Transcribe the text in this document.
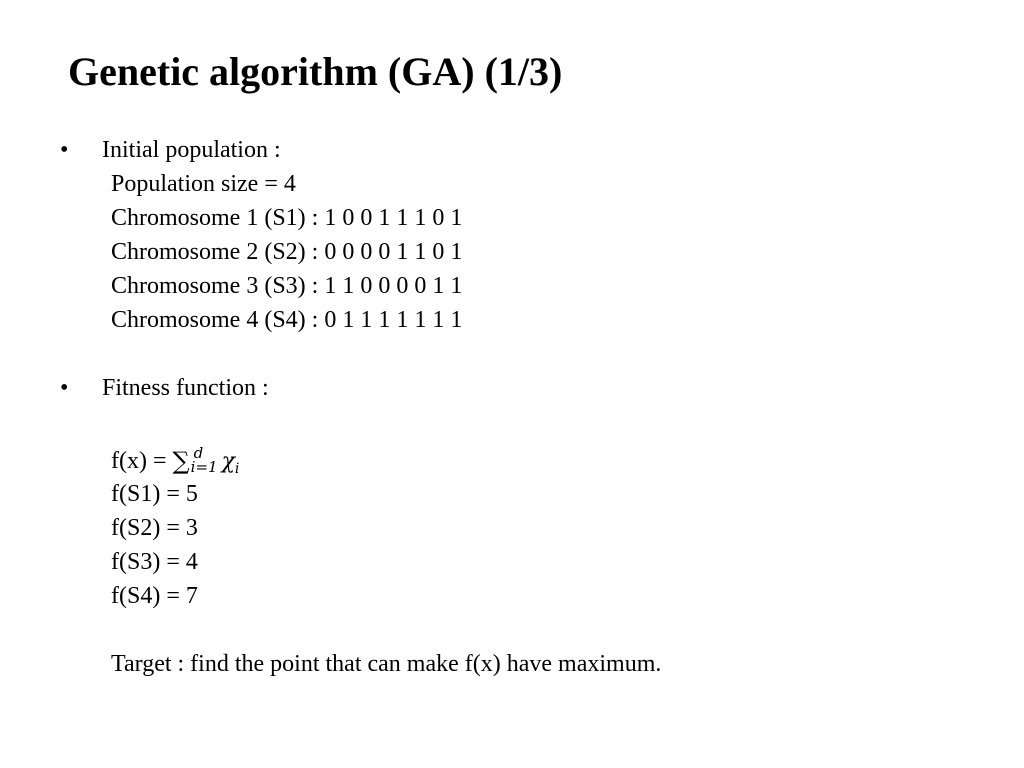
Genetic algorithm (GA) (1/3)
• Initial population :
Population size = 4
Chromosome 1 (S1) : 1 0 0 1 1 1 0 1
Chromosome 2 (S2) : 0 0 0 0 1 1 0 1
Chromosome 3 (S3) : 1 1 0 0 0 0 1 1
Chromosome 4 (S4) : 0 1 1 1 1 1 1 1
• Fitness function :
f(x) = ∑ d
i=1 $\chi_i$
f(S1) = 5
f(S2) = 3
f(S3) = 4
f(S4) = 7
Target : find the point that can make f(x) have maximum.
